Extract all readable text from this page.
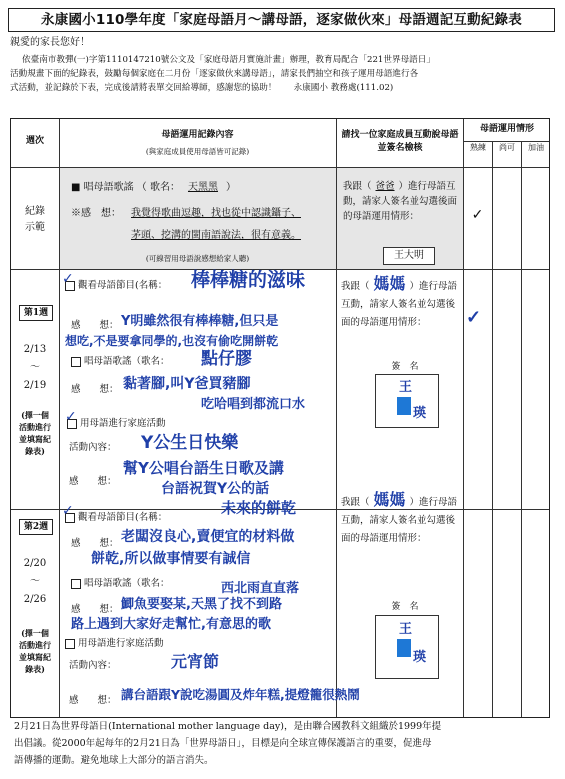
永康國小110學年度「家庭母語月～講母語，逐家做伙來」母語週記互動紀錄表
親愛的家長您好！
依臺南市教彈(一)字第1110147210號公文及「家庭母語月實施計畫」辦理，教育局配合「221世界母語日」
活動規畫下面的紀錄表，鼓勵每個家庭在二月份「逐家做伙來講母語」，請家長們抽空和孩子運用母語進行各
式活動，並記錄於下表，完成後請將表單交回給導師，感謝您的協助！　　永康國小 教務處(111.02)
週次
母語運用記錄內容
(與家庭成員使用母語皆可記錄)
請找一位家庭成員互動說母語並簽名檢核
母語運用情形
熟練 尚可 加油
紀錄示範
■ 唱母語歌謠 （ 歌名： 天黑黑 ）
※感　想： 我覺得歌曲逗趣，找也從中認識鑷子、
茅頭、挖溝的閩南語說法，很有意義。
(可線習用母語說感想給家人聽)
我跟（ 爸爸 ）進行母語互動，請家人簽名並勾選後面的母語運用情形：
王大明
✓
第1週
2/13
～
2/19
(擇一個活動進行並填寫紀錄表)
✓ 觀看母語節目(名稱： 棒棒糖的滋味
感　　想： Y明雖然很有棒棒糖,但只是
想吃,不是要拿同學的,也沒有偷吃開餅乾
唱母語歌謠（歌名： 點仔膠
感　　想： 黏著腳,叫Y爸買豬腳
吃哈唱到都流口水
✓ 用母語進行家庭活動
活動內容： Y公生日快樂
感　　想：
幫Y公唱台語生日歌及講
台語祝賀Y公的話
我跟（ 媽媽 ）進行母語互動，請家人簽名並勾選後面的母語運用情形：
簽　名
王
瑛
✓
第2週
2/20
～
2/26
(擇一個活動進行並填寫紀錄表)
✓ 觀看母語節目(名稱：
未來的餅乾
感　　想： 老闆沒良心,賣便宜的材料做
餅乾,所以做事情要有誠信
唱母語歌謠（歌名：	西北雨直直落
感　　想： 鯽魚要娶某,天黑了找不到路
路上遇到大家好走幫忙,有意思的歌
用母語進行家庭活動
活動內容：	元宵節
感　　想： 講台語跟Y說吃湯圓及炸年糕,提燈籠很熱鬧
我跟（ 媽媽 ）進行母語互動，請家人簽名並勾選後面的母語運用情形：
簽　名
王
瑛
2月21日為世界母語日(International mother language day)，是由聯合國教科文組織於1999年提
出倡議。從2000年起每年的2月21日為「世界母語日」，目標是向全球宣傳保護語言的重要，促進母
語傳播的運動。避免地球上大部分的語言消失。
